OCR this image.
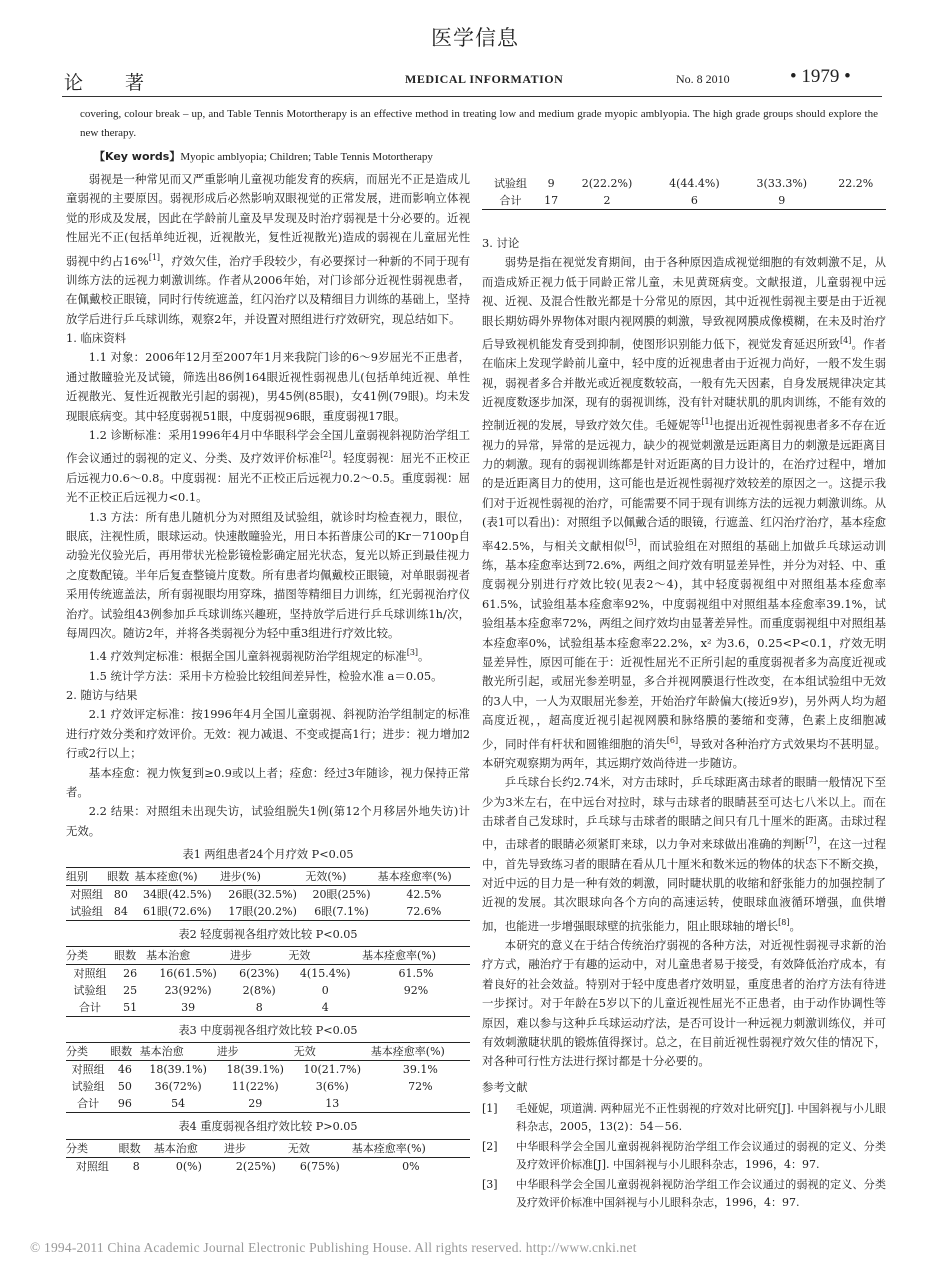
医学信息
论 著	MEDICAL INFORMATION	No. 8 2010	• 1979 •
covering, colour break – up, and Table Tennis Motortherapy is an effective method in treating low and medium grade myopic amblyopia. The high grade groups should explore the new therapy.
【Key words】Myopic amblyopia; Children; Table Tennis Motortherapy

弱视是一种常见而又严重影响儿童视功能发育的疾病，而屈光不正是造成儿童弱视的主要原因。弱视形成后必然影响双眼视觉的正常发展，进而影响立体视觉的形成及发展，因此在学龄前儿童及早发现及时治疗弱视是十分必要的。近视性屈光不正(包括单纯近视，近视散光，复性近视散光)造成的弱视在儿童屈光性弱视中约占16%[1]，疗效欠佳，治疗手段较少，有必要探讨一种新的不同于现有训练方法的远视力刺激训练。作者从2006年始，对门诊部分近视性弱视患者，在佩戴校正眼镜，同时行传统遮盖，红闪治疗以及精细目力训练的基础上，坚持放学后进行乒乓球训练，观察2年，并设置对照组进行疗效研究，现总结如下。

1. 临床资料

1.1 对象：2006年12月至2007年1月来我院门诊的6～9岁屈光不正患者，通过散瞳验光及试镜，筛选出86例164眼近视性弱视患儿(包括单纯近视、单性近视散光、复性近视散光引起的弱视)，男45例(85眼)，女41例(79眼)。均未发现眼底病变。其中轻度弱视51眼，中度弱视96眼，重度弱视17眼。

1.2 诊断标准：采用1996年4月中华眼科学会全国儿童弱视斜视防治学组工作会议通过的弱视的定义、分类、及疗效评价标准[2]。轻度弱视：屈光不正校正后远视力0.6～0.8。中度弱视：屈光不正校正后远视力0.2～0.5。重度弱视：屈光不正校正后远视力<0.1。

1.3 方法：所有患儿随机分为对照组及试验组，就诊时均检查视力，眼位，眼底，注视性质，眼球运动。快速散瞳验光，用日本拓普康公司的Kr－7100p自动验光仪验光后，再用带状光检影镜检影确定屈光状态，复光以矫正到最佳视力之度数配镜。半年后复查整镜片度数。所有患者均佩戴校正眼镜，对单眼弱视者采用传统遮盖法，所有弱视眼均用穿珠，描图等精细目力训练，红光弱视治疗仪治疗。试验组43例参加乒乓球训练兴趣班，坚持放学后进行乒乓球训练1h/次，每周四次。随访2年，并将各类弱视分为轻中重3组进行疗效比较。

1.4 疗效判定标准：根据全国儿童斜视弱视防治学组规定的标准[3]。

1.5 统计学方法：采用卡方检验比较组间差异性，检验水准 a＝0.05。

2. 随访与结果

2.1 疗效评定标准：按1996年4月全国儿童弱视、斜视防治学组制定的标准进行疗效分类和疗效评价。无效：视力减退、不变或提高1行；进步：视力增加2行或2行以上；

基本痊愈：视力恢复到≥0.9或以上者；痊愈：经过3年随诊，视力保持正常者。

2.2 结果：对照组未出现失访，试验组脱失1例(第12个月移居外地失访)计无效。

表1 两组患者24个月疗效 P<0.05
组别	眼数	基本痊愈(%)	进步(%)	无效(%)	基本痊愈率(%)
对照组	80	34眼(42.5%)	26眼(32.5%)	20眼(25%)	42.5%
试验组	84	61眼(72.6%)	17眼(20.2%)	6眼(7.1%)	72.6%
表2 轻度弱视各组疗效比较 P<0.05
分类	眼数	基本治愈	进步	无效	基本痊愈率(%)
对照组	26	16(61.5%)	6(23%)	4(15.4%)	61.5%
试验组	25	23(92%)	2(8%)	0	92%
合计	51	39	8	4	
表3 中度弱视各组疗效比较 P<0.05
分类	眼数	基本治愈	进步	无效	基本痊愈率(%)
对照组	46	18(39.1%)	18(39.1%)	10(21.7%)	39.1%
试验组	50	36(72%)	11(22%)	3(6%)	72%
合计	96	54	29	13	
表4 重度弱视各组疗效比较 P>0.05
分类	眼数	基本治愈	进步	无效	基本痊愈率(%)
对照组	8	0(%)	2(25%)	6(75%)	0%
试验组	9	2(22.2%)	4(44.4%)	3(33.3%)	22.2%
合计	17	2	6	9	

3. 讨论

弱势是指在视觉发育期间，由于各种原因造成视觉细胞的有效刺激不足，从而造成矫正视力低于同龄正常儿童，未见黄斑病变。文献报道，儿童弱视中远视、近视、及混合性散光都是十分常见的原因，其中近视性弱视主要是由于近视眼长期妨碍外界物体对眼内视网膜的刺激，导致视网膜成像模糊，在未及时治疗后导致视机能发育受到抑制，使图形识别能力低下，视觉发育延迟所致[4]。作者在临床上发现学龄前儿童中，轻中度的近视患者由于近视力尚好，一般不发生弱视，弱视者多合并散光或近视度数较高，一般有先天因素，自身发展规律决定其近视度数逐步加深，现有的弱视训练，没有针对睫状肌的肌肉训练，不能有效的控制近视的发展，导致疗效欠佳。毛娅妮等[1]也提出近视性弱视患者多不存在近视力的异常，异常的是远视力，缺少的视觉刺激是远距离目力的刺激是远距离目力的刺激。现有的弱视训练都是针对近距离的目力设计的，在治疗过程中，增加的是近距离目力的使用，这可能也是近视性弱视疗效较差的原因之一。这提示我们对于近视性弱视的治疗，可能需要不同于现有训练方法的远视力刺激训练。从(表1可以看出)：对照组予以佩戴合适的眼镜，行遮盖、红闪治疗治疗，基本痊愈率42.5%，与相关文献相似[5]，而试验组在对照组的基础上加做乒乓球运动训练，基本痊愈率达到72.6%，两组之间疗效有明显差异性，并分为对轻、中、重度弱视分别进行疗效比较(见表2～4)，其中轻度弱视组中对照组基本痊愈率61.5%，试验组基本痊愈率92%，中度弱视组中对照组基本痊愈率39.1%，试验组基本痊愈率72%，两组之间疗效均由显著差异性。而重度弱视组中对照组基本痊愈率0%，试验组基本痊愈率22.2%，x² 为3.6，0.25<P<0.1，疗效无明显差异性，原因可能在于：近视性屈光不正所引起的重度弱视者多为高度近视或散光所引起，或屈光参差明显，多合并视网膜退行性改变，在本组试验组中无效的3人中，一人为双眼屈光参差，开始治疗年龄偏大(接近9岁)，另外两人均为超高度近视，，超高度近视引起视网膜和脉络膜的萎缩和变薄，色素上皮细胞减少，同时伴有杆状和圆锥细胞的消失[6]，导致对各种治疗方式效果均不甚明显。本研究观察期为两年，其远期疗效尚待进一步随访。

乒乓球台长约2.74米，对方击球时，乒乓球距离击球者的眼睛一般情况下至少为3米左右，在中远台对拉时，球与击球者的眼睛甚至可达七八米以上。而在击球者自己发球时，乒乓球与击球者的眼睛之间只有几十厘米的距离。击球过程中，击球者的眼睛必须紧盯来球，以力争对来球做出准确的判断[7]，在这一过程中，首先导致练习者的眼睛在看从几十厘米和数米远的物体的状态下不断交换，对近中远的目力是一种有效的刺激，同时睫状肌的收缩和舒张能力的加强控制了近视的发展。其次眼球向各个方向的高速运转，使眼球血液循环增强，血供增加，也能进一步增强眼球壁的抗张能力，阻止眼球轴的增长[8]。

本研究的意义在于结合传统治疗弱视的各种方法，对近视性弱视寻求新的治疗方式，融治疗于有趣的运动中，对儿童患者易于接受，有效降低治疗成本，有着良好的社会效益。特别对于轻中度患者疗效明显，重度患者的治疗方法有待进一步探讨。对于年龄在5岁以下的儿童近视性屈光不正患者，由于动作协调性等原因，难以参与这种乒乓球运动疗法，是否可设计一种远视力刺激训练仪，并可有效刺激睫状肌的锻炼值得探讨。总之，在目前近视性弱视疗效欠佳的情况下，对各种可行性方法进行探讨都是十分必要的。

参考文献

[1]	毛娅妮，项道满. 两种屈光不正性弱视的疗效对比研究[J]. 中国斜视与小儿眼科杂志，2005，13(2)：54－56.
[2]	中华眼科学会全国儿童弱视斜视防治学组工作会议通过的弱视的定义、分类及疗效评价标准[J]. 中国斜视与小儿眼科杂志，1996，4：97.
[3]	中华眼科学会全国儿童弱视斜视防治学组工作会议通过的弱视的定义、分类及疗效评价标准中国斜视与小儿眼科杂志，1996，4：97.
© 1994-2011 China Academic Journal Electronic Publishing House. All rights reserved. http://www.cnki.net
